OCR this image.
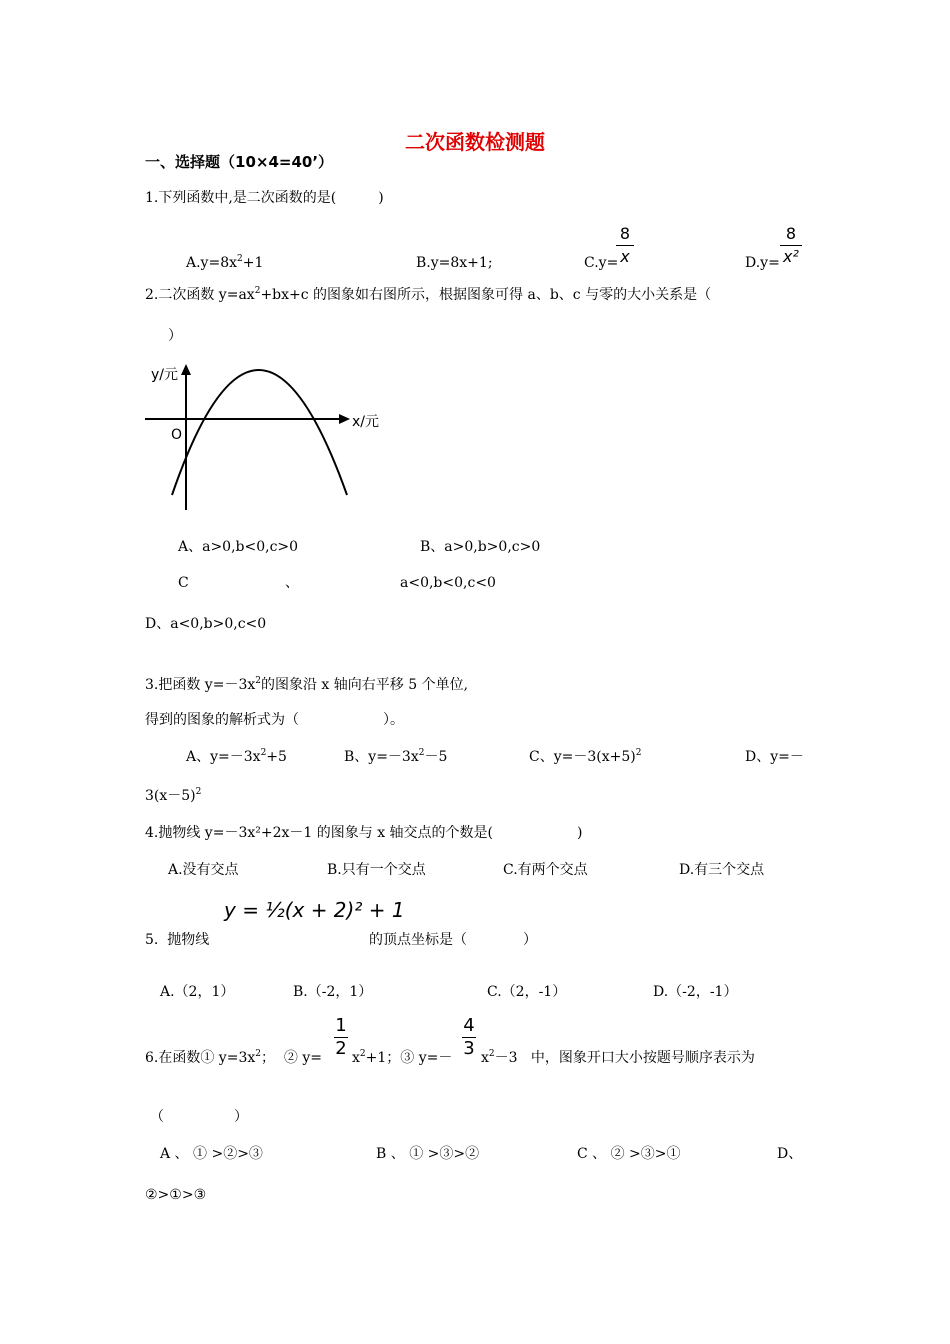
二次函数检测题
一、选择题（10×4=40’）
1.下列函数中,是二次函数的是(　　　)
$A.y=8x^2+1$	B.y=8x+1;	C.y=
8
x	D.y=
8
x²
2.二次函数 $y=ax^2+bx+c$ 的图象如右图所示，根据图象可得 a、b、c 与零的大小关系是（
）
y/元
x/元
O
A、a>0,b<0,c>0	B、a>0,b>0,c>0
C	、	a<0,b<0,c<0
D、a<0,b>0,c<0
3.把函数 $y=-3x^2$的图象沿 x 轴向右平移 5 个单位,
得到的图象的解析式为（　　　　　　）。
A、$y=-3x^2+5$	B、$y=-3x^2-5$	C、$y=-3(x+5)^2$	D、y=－
$3(x-5)^2$
4.抛物线 y=－3x²+2x－1 的图象与 x 轴交点的个数是(　　　　　　)
A.没有交点	B.只有一个交点	C.有两个交点	D.有三个交点
5.  抛物线
y = ½(x + 2)² + 1
的顶点坐标是（　　　　）
A.（2，1）	B.（-2，1）	C.（2，-1）	D.（-2，-1）
6.在函数① $y=3x^2$；  ② y=
1
2 $x^2+1$；③ y=－
4
3 $x^2-3$   中，图象开口大小按题号顺序表示为
（　　　　　）
A 、 ① >②>③	B 、 ① >③>②	C 、 ② >③>①	D、
②>①>③
